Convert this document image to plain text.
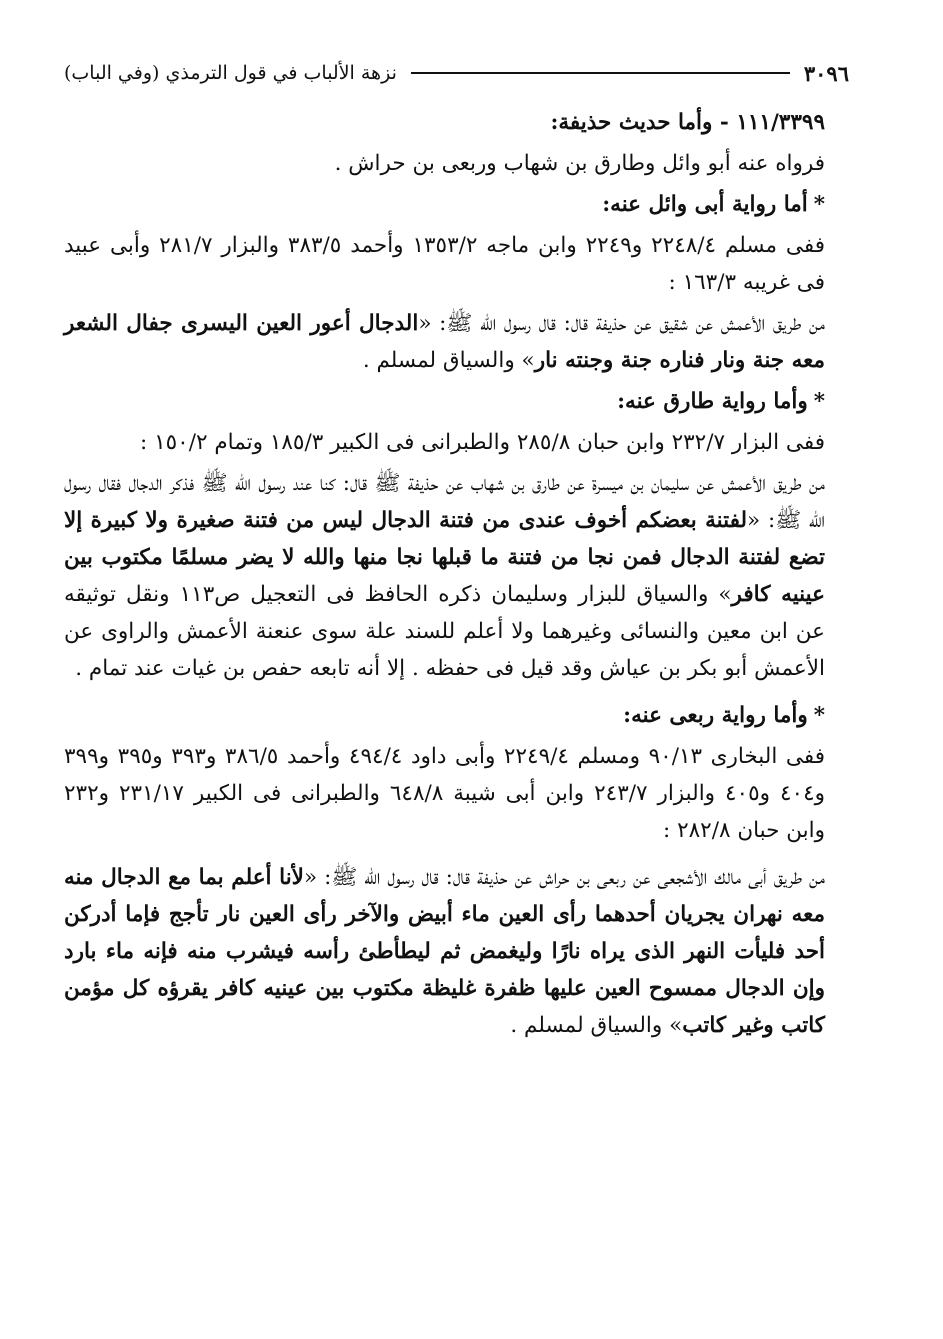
٣٠٩٦
نزهة الألباب في قول الترمذي (وفي الباب)

١١١/٣٣٩٩ - وأما حديث حذيفة:

فرواه عنه أبو وائل وطارق بن شهاب وربعى بن حراش .

*أما رواية أبى وائل عنه:

ففى مسلم ٢٢٤٨/٤ و٢٢٤٩ وابن ماجه ١٣٥٣/٢ وأحمد ٣٨٣/٥ والبزار ٢٨١/٧ وأبى عبيد فى غريبه ١٦٣/٣ :

من طريق الأعمش عن شقيق عن حذيفة قال: قال رسول الله ﷺ: «الدجال أعور العين اليسرى جفال الشعر معه جنة ونار فناره جنة وجنته نار» والسياق لمسلم .

*وأما رواية طارق عنه:

ففى البزار ٢٣٢/٧ وابن حبان ٢٨٥/٨ والطبرانى فى الكبير ١٨٥/٣ وتمام ١٥٠/٢ :

من طريق الأعمش عن سليمان بن ميسرة عن طارق بن شهاب عن حذيفة ﷺ قال: كنا عند رسول الله ﷺ فذكر الدجال فقال رسول الله ﷺ: «لفتنة بعضكم أخوف عندى من فتنة الدجال ليس من فتنة صغيرة ولا كبيرة إلا تضع لفتنة الدجال فمن نجا من فتنة ما قبلها نجا منها والله لا يضر مسلمًا مكتوب بين عينيه كافر» والسياق للبزار وسليمان ذكره الحافظ فى التعجيل ص١١٣ ونقل توثيقه عن ابن معين والنسائى وغيرهما ولا أعلم للسند علة سوى عنعنة الأعمش والراوى عن الأعمش أبو بكر بن عياش وقد قيل فى حفظه . إلا أنه تابعه حفص بن غيات عند تمام .

*وأما رواية ربعى عنه:

ففى البخارى ٩٠/١٣ ومسلم ٢٢٤٩/٤ وأبى داود ٤٩٤/٤ وأحمد ٣٨٦/٥ و٣٩٣ و٣٩٥ و٣٩٩ و٤٠٤ و٤٠٥ والبزار ٢٤٣/٧ وابن أبى شيبة ٦٤٨/٨ والطبرانى فى الكبير ٢٣١/١٧ و٢٣٢ وابن حبان ٢٨٢/٨ :

من طريق أبى مالك الأشجعى عن ربعى بن حراش عن حذيفة قال: قال رسول الله ﷺ: «لأنا أعلم بما مع الدجال منه معه نهران يجريان أحدهما رأى العين ماء أبيض والآخر رأى العين نار تأجج فإما أدركن أحد فليأت النهر الذى يراه نارًا وليغمض ثم ليطأطئ رأسه فيشرب منه فإنه ماء بارد وإن الدجال ممسوح العين عليها ظفرة غليظة مكتوب بين عينيه كافر يقرؤه كل مؤمن كاتب وغير كاتب» والسياق لمسلم .
